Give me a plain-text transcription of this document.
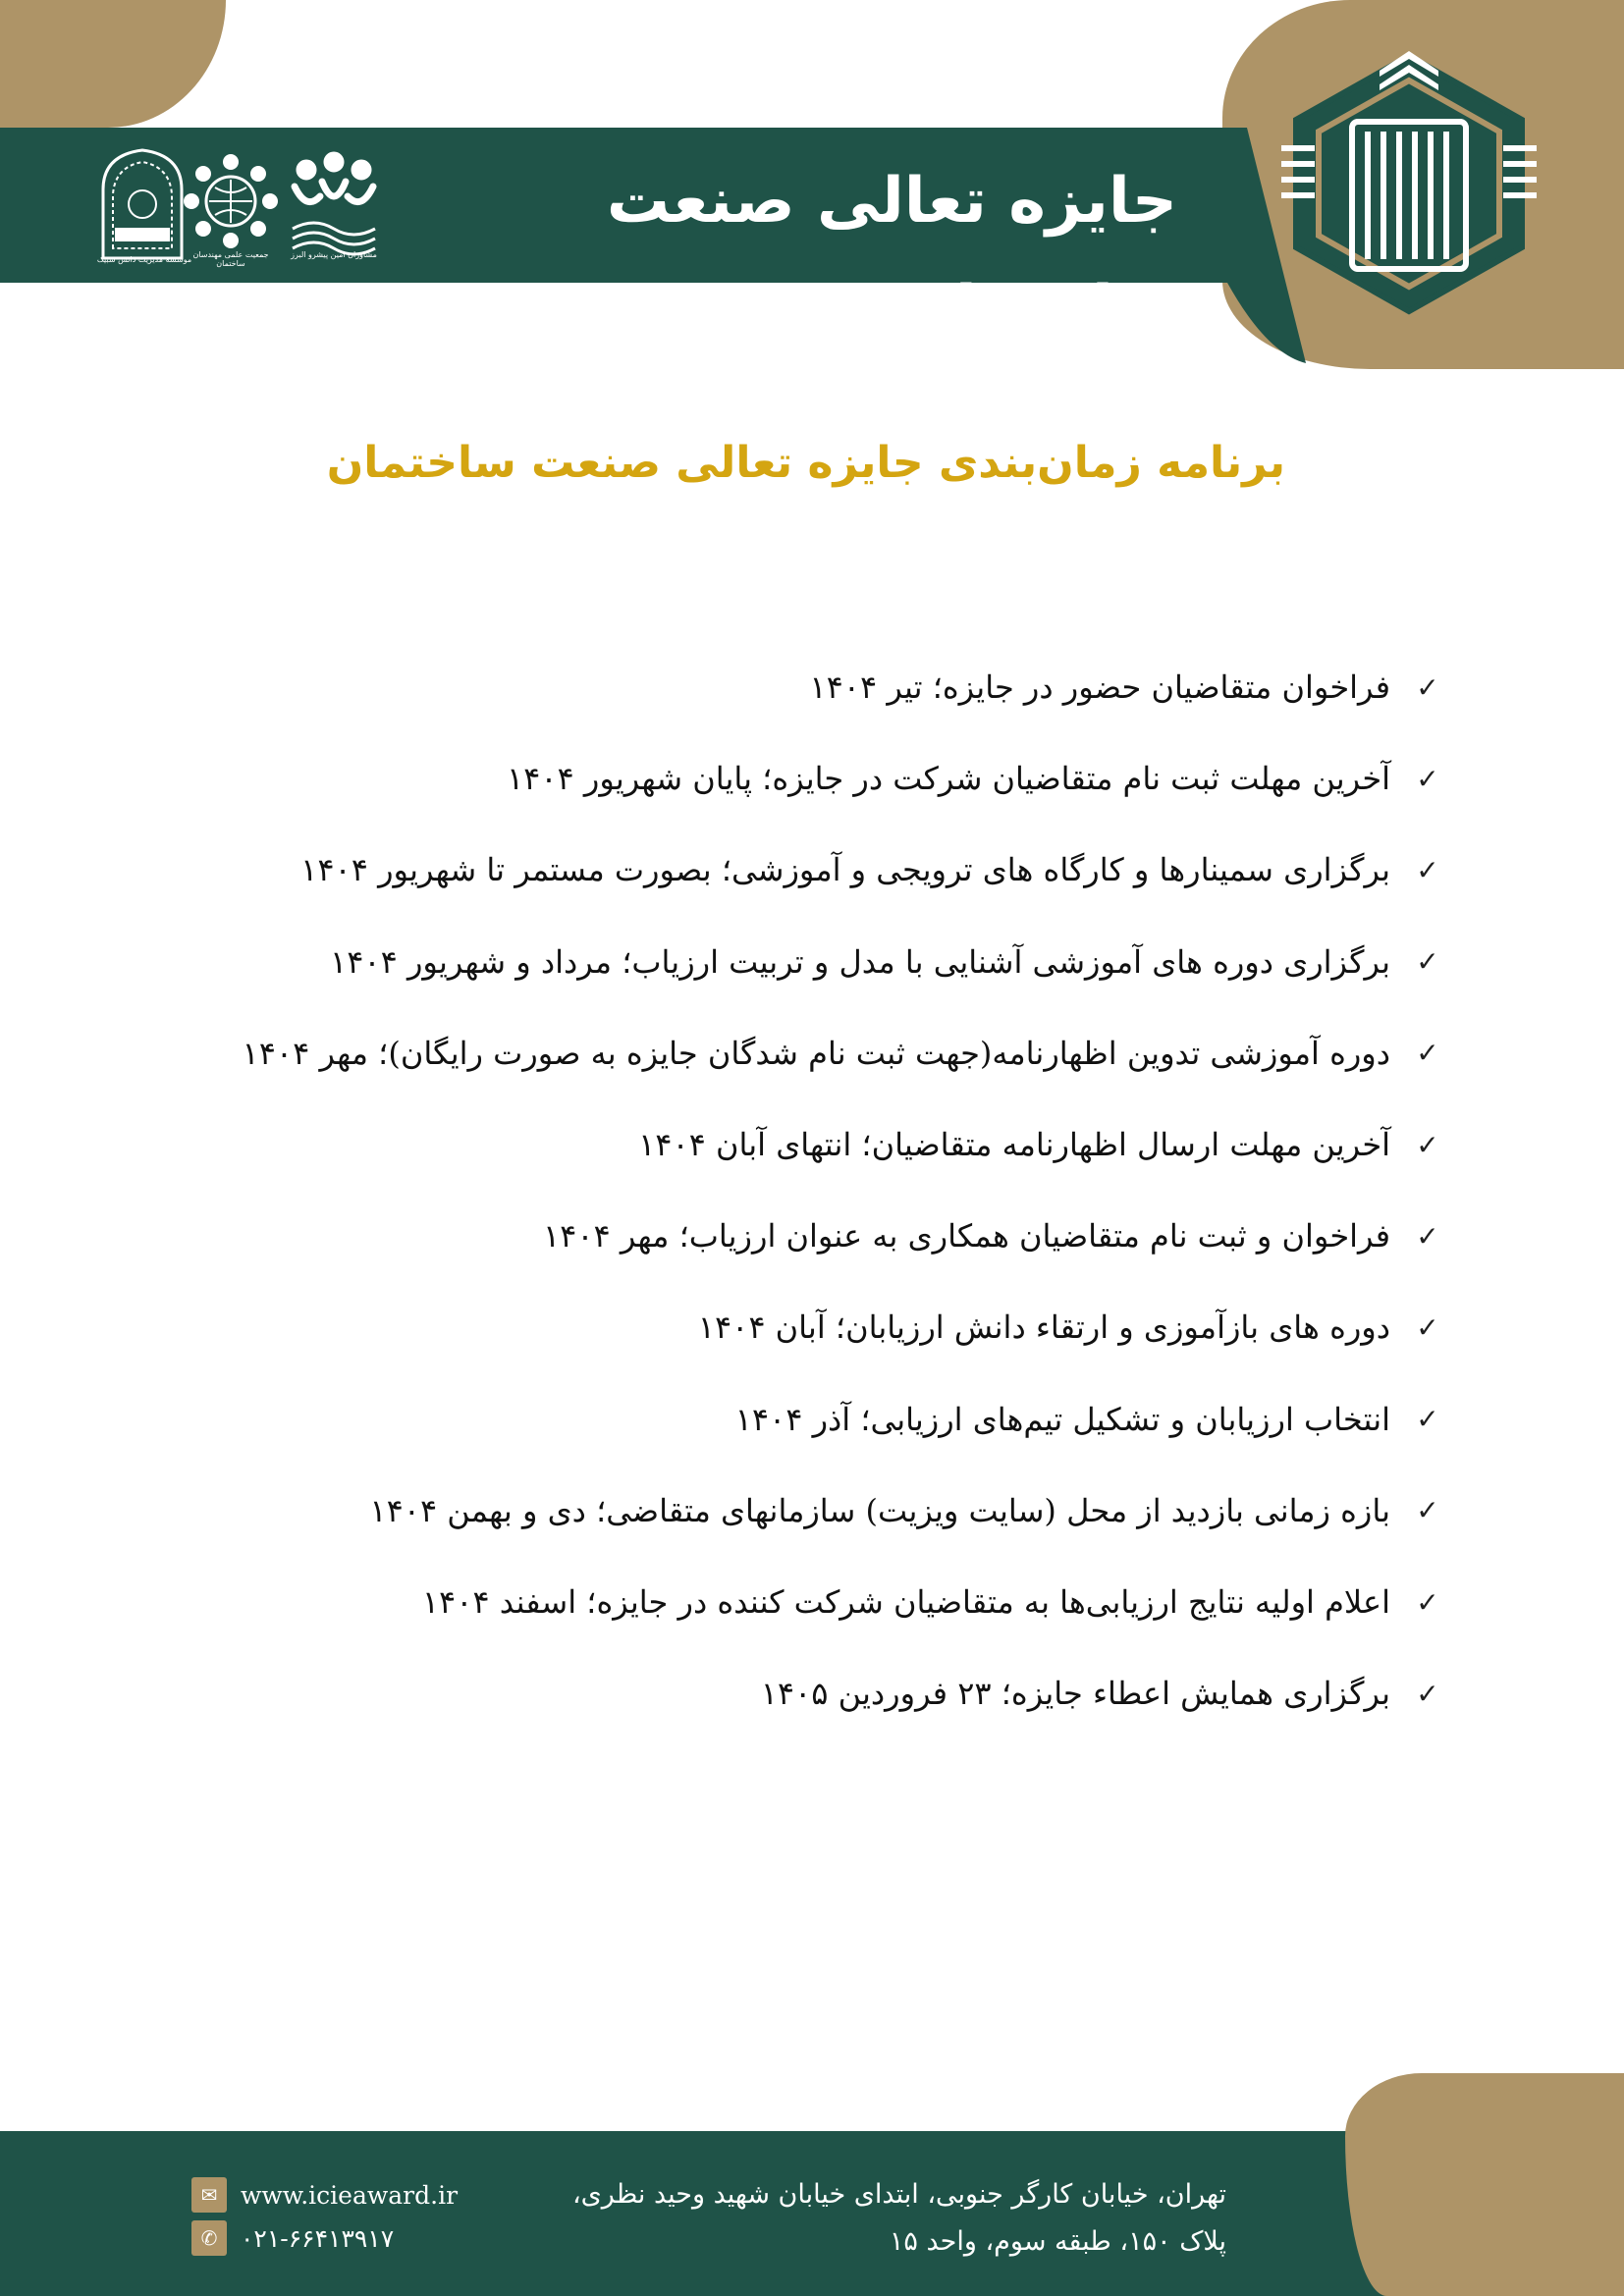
جایزه تعالی صنعت ساختمان
موسسه مدیریت دانش شبیک
جمعیت علمی مهندسان ساختمان
مشاوران امین پیشرو البرز
برنامه زمان‌بندی جایزه تعالی صنعت ساختمان
✓
فراخوان متقاضیان حضور در جایزه؛ تیر ۱۴۰۴
✓
آخرین مهلت ثبت نام متقاضیان شرکت در جایزه؛ پایان شهریور ۱۴۰۴
✓
برگزاری سمینارها و کارگاه های ترویجی و آموزشی؛ بصورت مستمر تا شهریور ۱۴۰۴
✓
برگزاری دوره های آموزشی آشنایی با مدل و تربیت ارزیاب؛ مرداد و شهریور ۱۴۰۴
✓
دوره آموزشی تدوین اظهارنامه(جهت ثبت نام شدگان جایزه به صورت رایگان)؛ مهر ۱۴۰۴
✓
آخرین مهلت ارسال اظهارنامه متقاضیان؛ انتهای آبان ۱۴۰۴
✓
فراخوان و ثبت نام متقاضیان همکاری به عنوان ارزیاب؛ مهر ۱۴۰۴
✓
دوره های بازآموزی و ارتقاء دانش ارزیابان؛ آبان ۱۴۰۴
✓
انتخاب ارزیابان و تشکیل تیم‌های ارزیابی؛ آذر ۱۴۰۴
✓
بازه زمانی بازدید از محل (سایت ویزیت) سازمانهای متقاضی؛ دی و بهمن ۱۴۰۴
✓
اعلام اولیه نتایج ارزیابی‌ها به متقاضیان شرکت کننده در جایزه؛ اسفند ۱۴۰۴
✓
برگزاری همایش اعطاء جایزه؛ ۲۳ فروردین ۱۴۰۵
تهران، خیابان کارگر جنوبی، ابتدای خیابان شهید وحید نظری،
پلاک ۱۵۰، طبقه سوم، واحد ۱۵
✉ www.icieaward.ir
✆ ۰۲۱-۶۶۴۱۳۹۱۷
